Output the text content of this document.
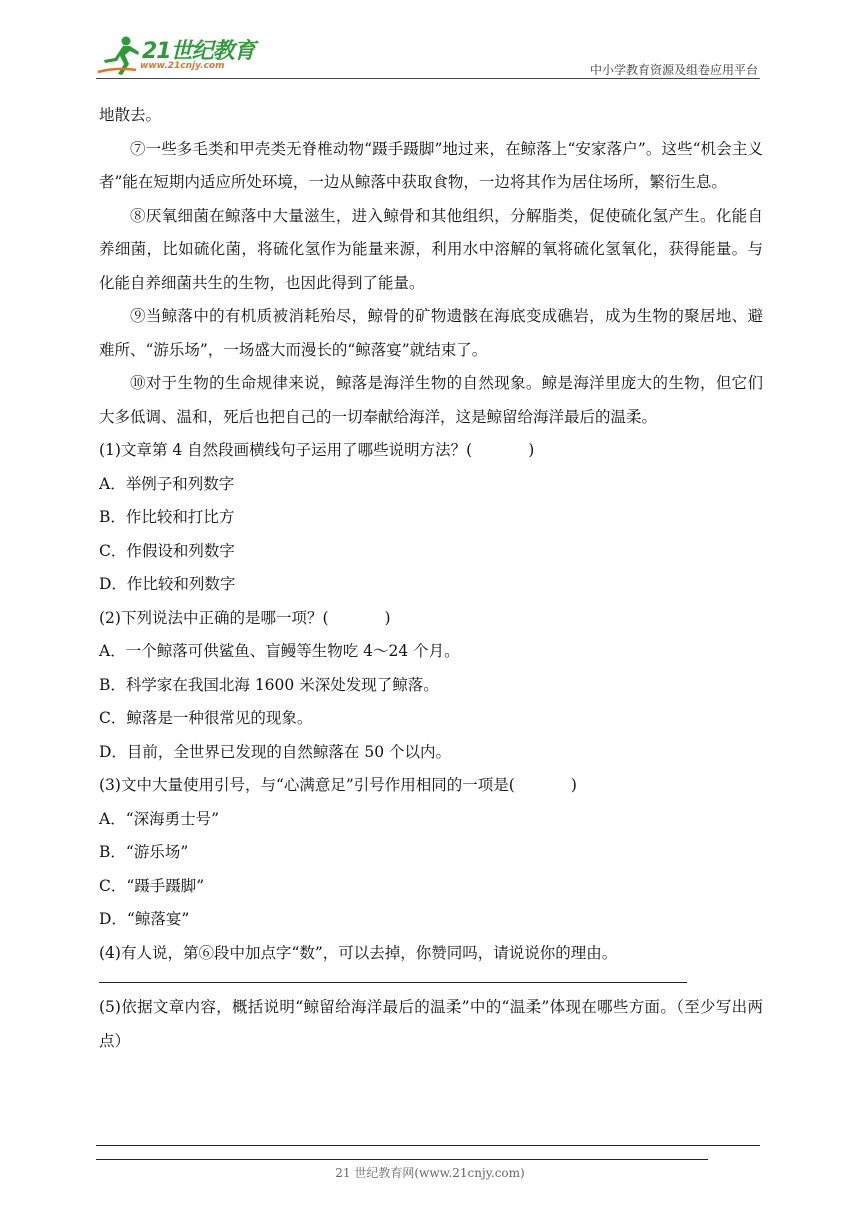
21世纪教育
www.21cnjy.com	中小学教育资源及组卷应用平台

地散去。

⑦一些多毛类和甲壳类无脊椎动物“蹑手蹑脚”地过来，在鲸落上“安家落户”。这些“机会主义者”能在短期内适应所处环境，一边从鲸落中获取食物，一边将其作为居住场所，繁衍生息。

⑧厌氧细菌在鲸落中大量滋生，进入鲸骨和其他组织，分解脂类，促使硫化氢产生。化能自养细菌，比如硫化菌，将硫化氢作为能量来源，利用水中溶解的氧将硫化氢氧化，获得能量。与化能自养细菌共生的生物，也因此得到了能量。

⑨当鲸落中的有机质被消耗殆尽，鲸骨的矿物遗骸在海底变成礁岩，成为生物的聚居地、避难所、“游乐场”，一场盛大而漫长的“鲸落宴”就结束了。

⑩对于生物的生命规律来说，鲸落是海洋生物的自然现象。鲸是海洋里庞大的生物，但它们大多低调、温和，死后也把自己的一切奉献给海洋，这是鲸留给海洋最后的温柔。

(1)文章第 4 自然段画横线句子运用了哪些说明方法？(	)

A．举例子和列数字

B．作比较和打比方

C．作假设和列数字

D．作比较和列数字

(2)下列说法中正确的是哪一项？(	)

A．一个鲸落可供鲨鱼、盲鳗等生物吃 4～24 个月。

B．科学家在我国北海 1600 米深处发现了鲸落。

C．鲸落是一种很常见的现象。

D．目前，全世界已发现的自然鲸落在 50 个以内。

(3)文中大量使用引号，与“心满意足”引号作用相同的一项是(	)

A．“深海勇士号”

B．“游乐场”

C．“蹑手蹑脚”

D．“鲸落宴”

(4)有人说，第⑥段中加点字“数”，可以去掉，你赞同吗，请说说你的理由。

(5)依据文章内容，概括说明“鲸留给海洋最后的温柔”中的“温柔”体现在哪些方面。（至少写出两点）

21 世纪教育网(www.21cnjy.com)
